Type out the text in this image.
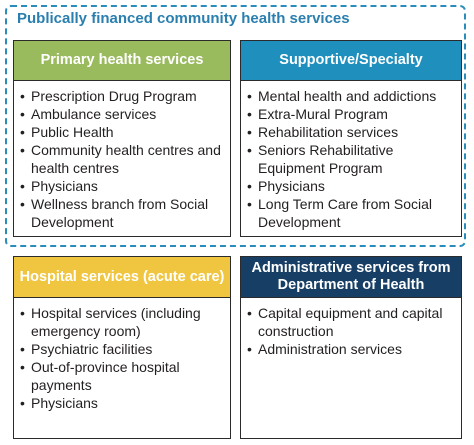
Publically financed community health services
Primary health services
• Prescription Drug Program
• Ambulance services
• Public Health
• Community health centres and health centres
• Physicians
• Wellness branch from Social Development
Supportive/Specialty
• Mental health and addictions
• Extra-Mural Program
• Rehabilitation services
• Seniors Rehabilitative Equipment Program
• Physicians
• Long Term Care from Social Development
Hospital services (acute care)
• Hospital services (including emergency room)
• Psychiatric facilities
• Out-of-province hospital payments
• Physicians
Administrative services from Department of Health
• Capital equipment and capital construction
• Administration services
